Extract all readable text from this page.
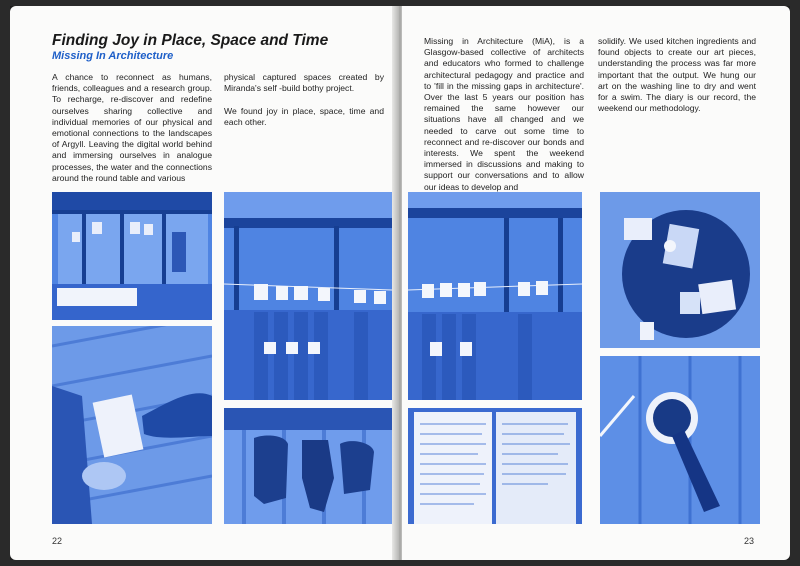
Finding Joy in Place, Space and Time
Missing In Architecture

A chance to reconnect as humans, friends, colleagues and a research group. To recharge, re-discover and redefine ourselves sharing collective and individual memories of our physical and emotional connections to the landscapes of Argyll. Leaving the digital world behind and immersing ourselves in analogue processes, the water and the connections around the round table and various

physical captured spaces created by Miranda's self -build bothy project.

We found joy in place, space, time and each other.

22

Missing in Architecture (MiA), is a Glasgow-based collective of architects and educators who formed to challenge architectural pedagogy and practice and to 'fill in the missing gaps in architecture'. Over the last 5 years our position has remained the same however our situations have all changed and we needed to carve out some time to reconnect and re-discover our bonds and interests. We spent the weekend immersed in discussions and making to support our conversations and to allow our ideas to develop and

solidify. We used kitchen ingredients and found objects to create our art pieces, understanding the process was far more important that the output. We hung our art on the washing line to dry and went for a swim. The diary is our record, the weekend our methodology.

23
